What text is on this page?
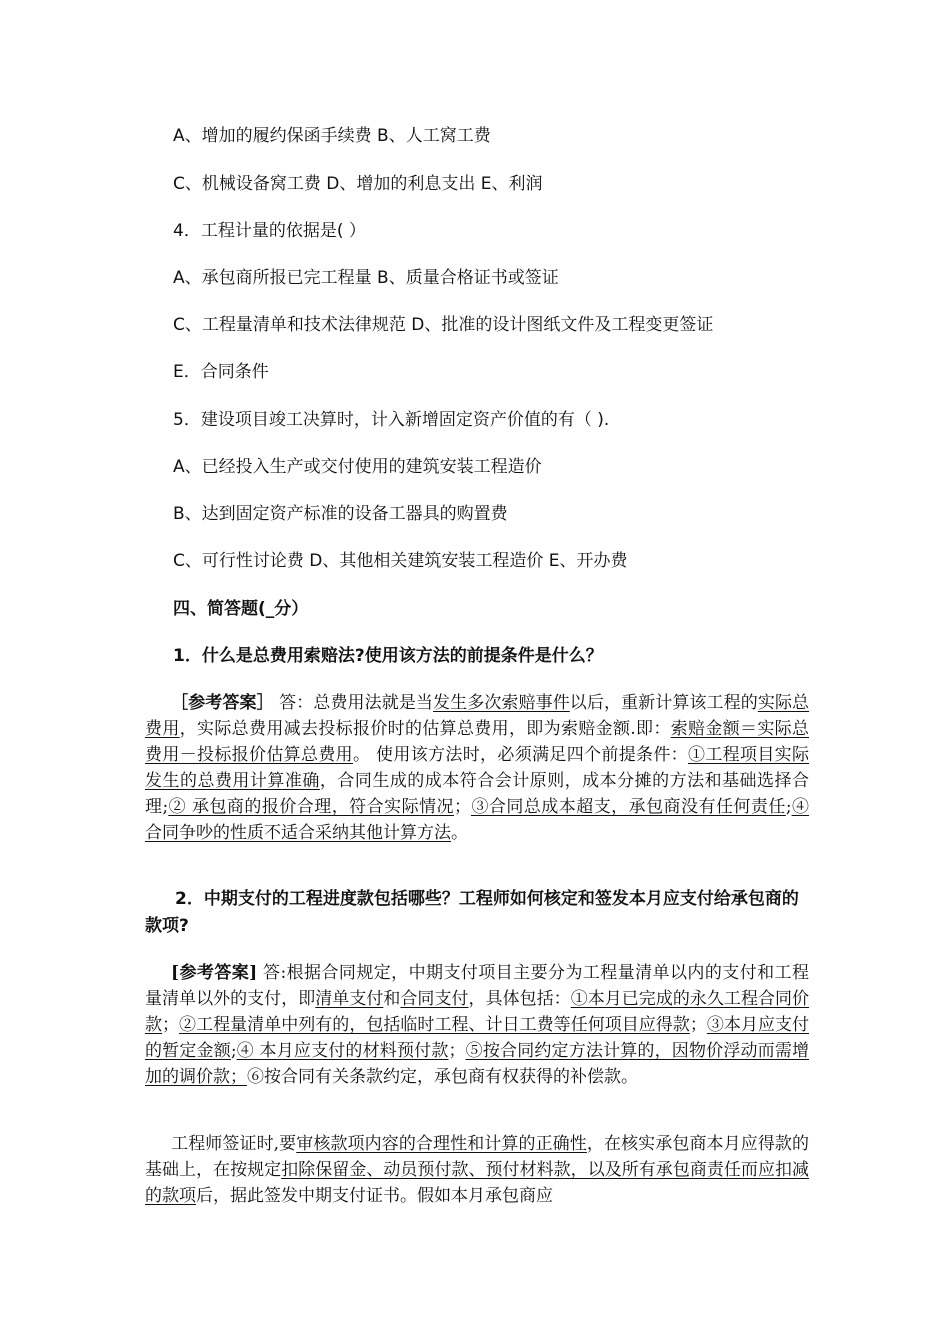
A、增加的履约保函手续费 B、人工窝工费
C、机械设备窝工费 D、增加的利息支出 E、利润
4．工程计量的依据是( ）
A、承包商所报已完工程量 B、质量合格证书或签证
C、工程量清单和技术法律规范 D、批准的设计图纸文件及工程变更签证
E．合同条件
5．建设项目竣工决算时，计入新增固定资产价值的有（ ).
A、已经投入生产或交付使用的建筑安装工程造价
B、达到固定资产标准的设备工器具的购置费
C、可行性讨论费 D、其他相关建筑安装工程造价 E、开办费
四、简答题(_分）
1．什么是总费用索赔法?使用该方法的前提条件是什么？
［参考答案］ 答：总费用法就是当发生多次索赔事件以后，重新计算该工程的实际总费用，实际总费用减去投标报价时的估算总费用，即为索赔金额.即：索赔金额＝实际总费用－投标报价估算总费用。 使用该方法时，必须满足四个前提条件：①工程项目实际发生的总费用计算准确，合同生成的成本符合会计原则，成本分摊的方法和基础选择合理;② 承包商的报价合理，符合实际情况；③合同总成本超支，承包商没有任何责任;④ 合同争吵的性质不适合采纳其他计算方法。
2．中期支付的工程进度款包括哪些？工程师如何核定和签发本月应支付给承包商的款项?
[参考答案] 答:根据合同规定，中期支付项目主要分为工程量清单以内的支付和工程量清单以外的支付，即清单支付和合同支付，具体包括：①本月已完成的永久工程合同价款；②工程量清单中列有的，包括临时工程、计日工费等任何项目应得款；③本月应支付的暂定金额;④ 本月应支付的材料预付款；⑤按合同约定方法计算的，因物价浮动而需增加的调价款；⑥按合同有关条款约定，承包商有权获得的补偿款。
工程师签证时,要审核款项内容的合理性和计算的正确性，在核实承包商本月应得款的基础上，在按规定扣除保留金、动员预付款、预付材料款，以及所有承包商责任而应扣减的款项后，据此签发中期支付证书。假如本月承包商应
